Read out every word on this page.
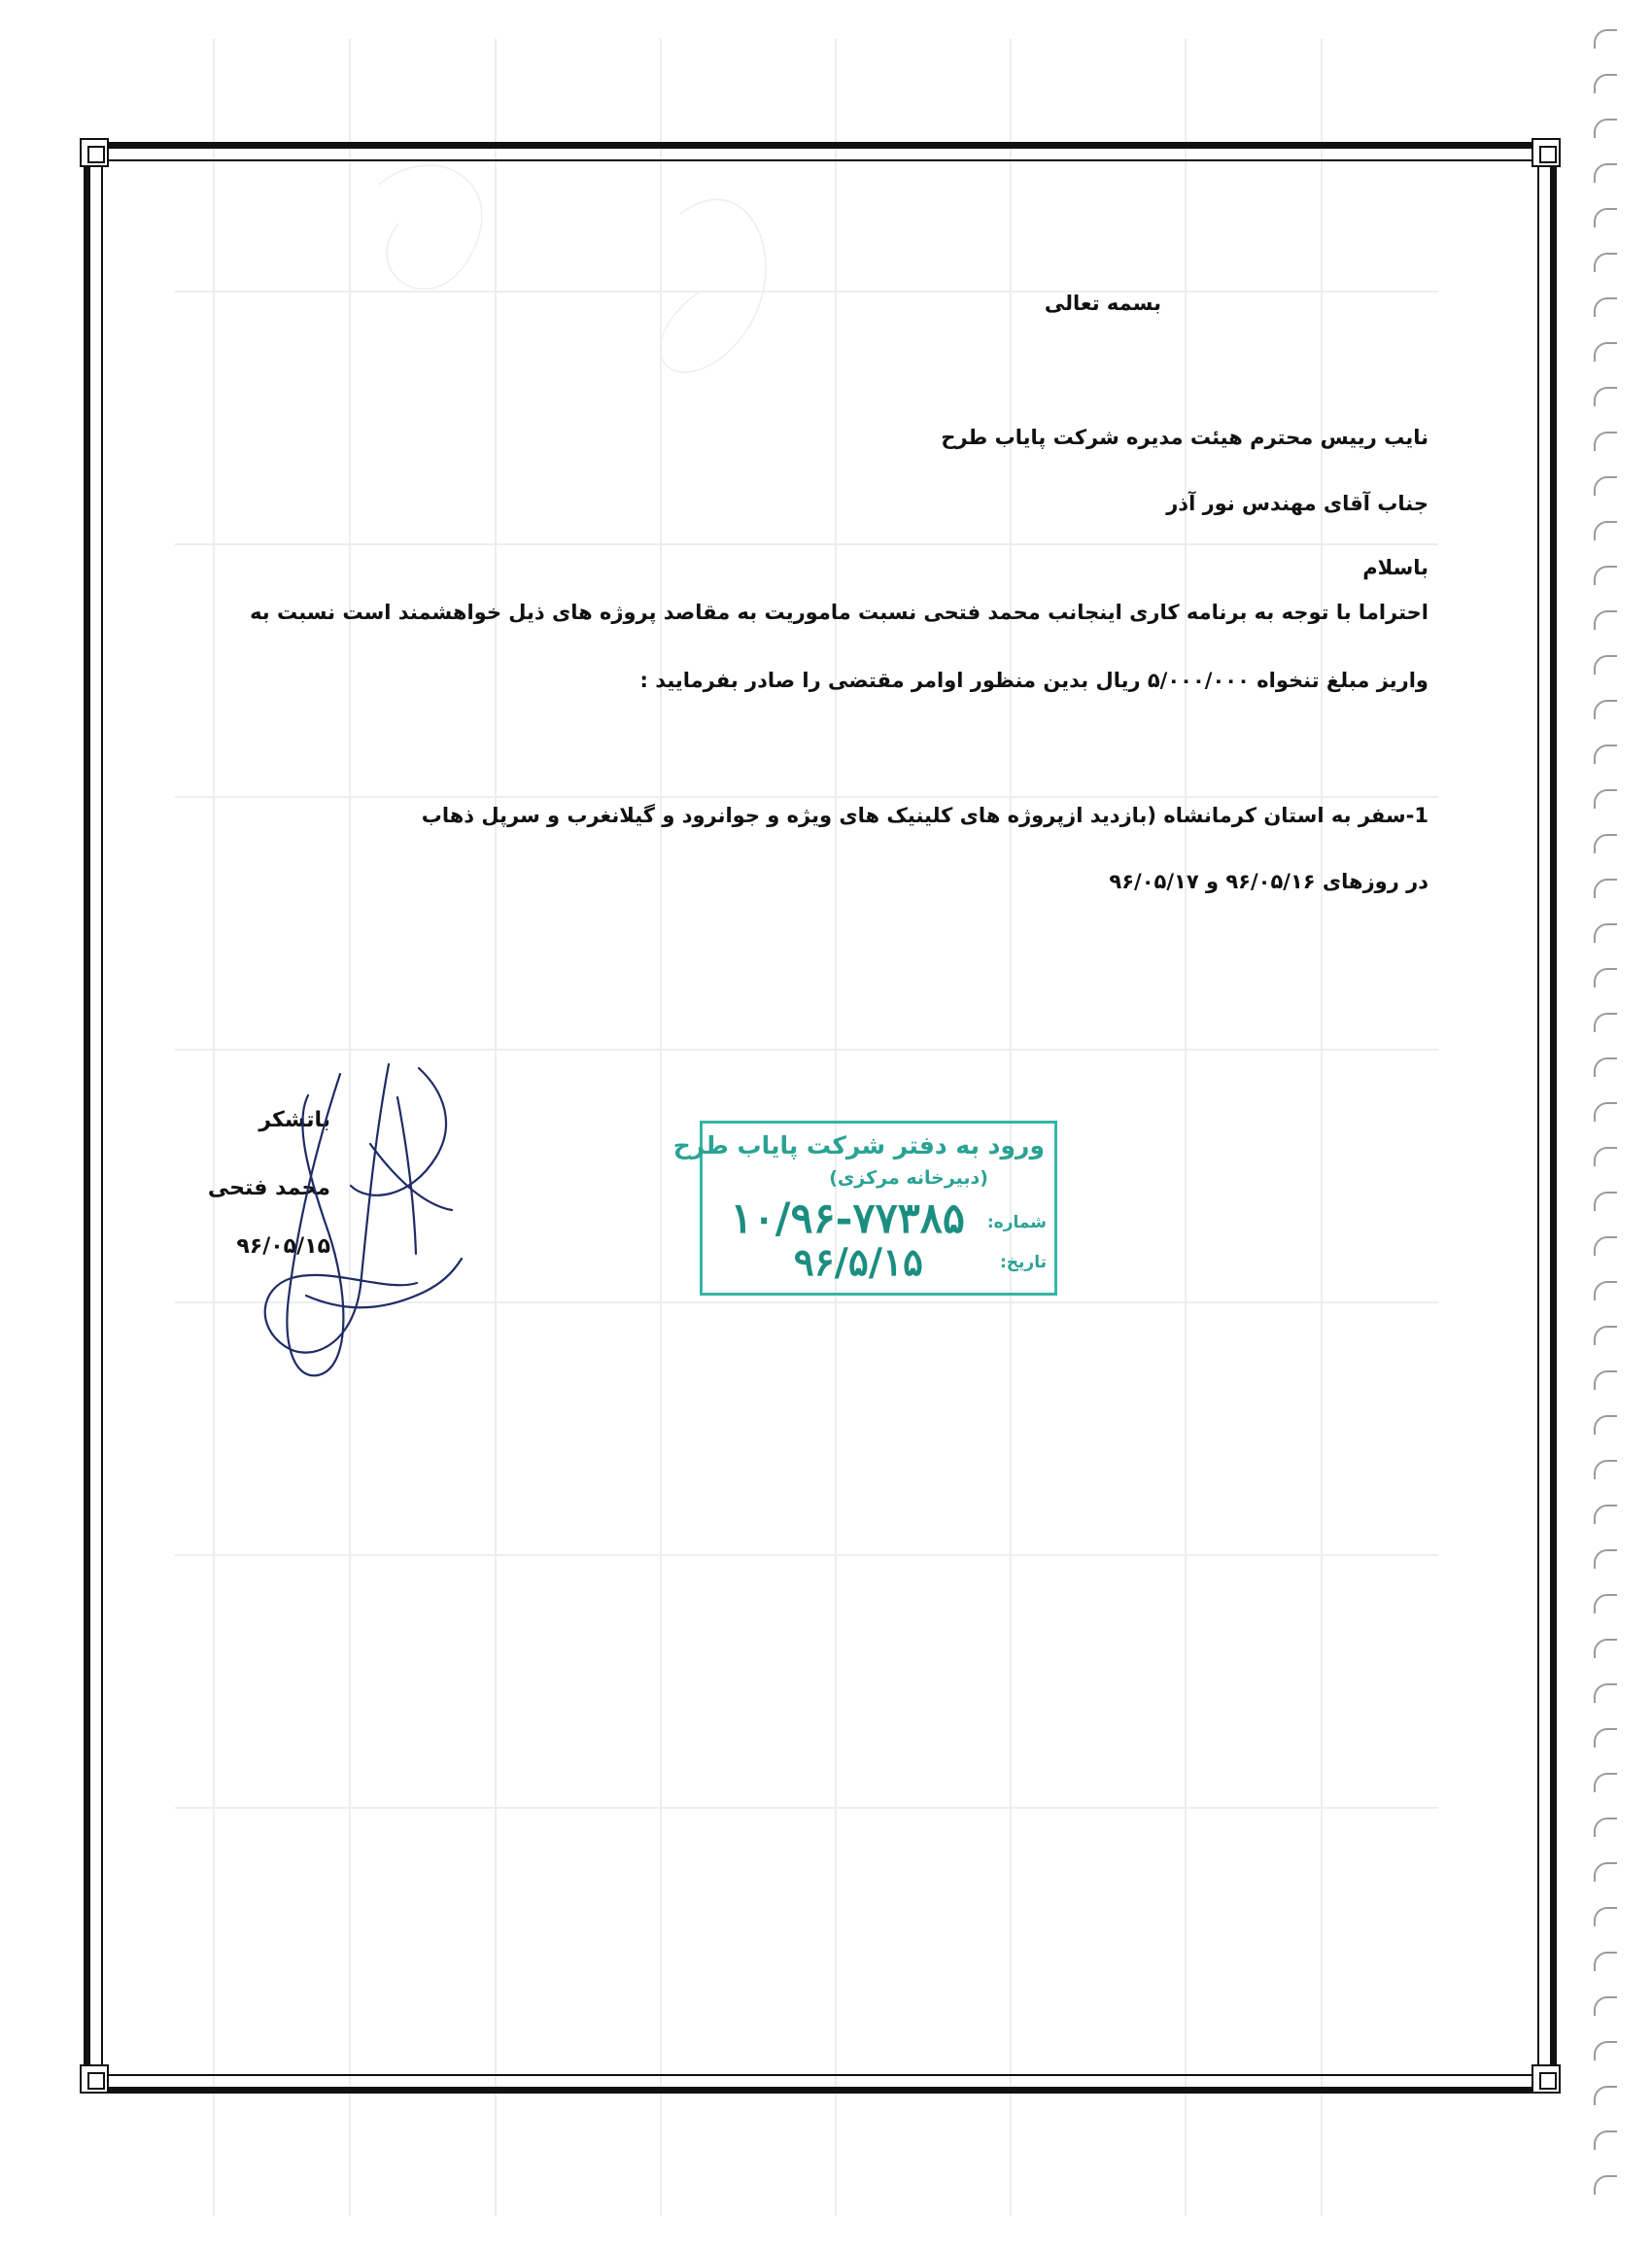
بسمه تعالی
نایب رییس محترم هیئت مدیره شرکت پایاب طرح
جناب آقای مهندس نور آذر
باسلام
احتراما با توجه به برنامه کاری اینجانب محمد فتحی نسبت ماموریت به مقاصد پروژه های ذیل خواهشمند است نسبت به
واریز مبلغ تنخواه ۵/۰۰۰/۰۰۰ ریال بدین منظور اوامر مقتضی را صادر بفرمایید :
1-سفر به استان کرمانشاه (بازدید ازپروژه های کلینیک های ویژه و جوانرود و گیلانغرب و سرپل ذهاب
در روزهای ۹۶/۰۵/۱۶ و ۹۶/۰۵/۱۷
باتشکر
محمد فتحی
۹۶/۰۵/۱۵
ورود به دفتر شرکت پایاب طرح
(دبیرخانه مرکزی)
شماره:
۱۰/۹۶-۷۷۳۸۵
تاریخ:
۹۶/۵/۱۵
